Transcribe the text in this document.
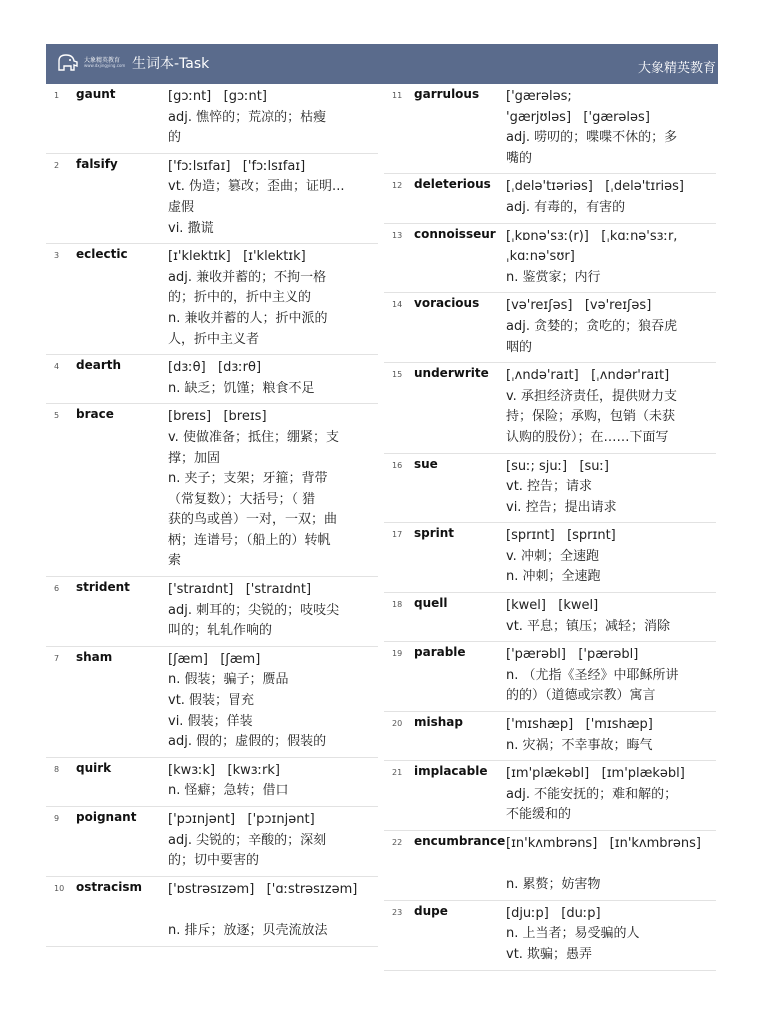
大象精英教育
www.dxjingying.com 生词本-Task	大象精英教育
1 gaunt	[gɔːnt]   [gɔːnt]
adj. 憔悴的；荒凉的；枯瘦
的
2 falsify	['fɔːlsɪfaɪ]   ['fɔːlsɪfaɪ]
vt. 伪造；篡改；歪曲；证明...
虚假
vi. 撒谎
3 eclectic	[ɪ'klektɪk]   [ɪ'klektɪk]
adj. 兼收并蓄的；不拘一格
的；折中的，折中主义的
n. 兼收并蓄的人；折中派的
人，折中主义者
4 dearth	[dɜːθ]   [dɜːrθ]
n. 缺乏；饥馑；粮食不足
5 brace	[breɪs]   [breɪs]
v. 使做准备；抵住；绷紧；支
撑；加固
n. 夹子；支架；牙箍；背带
（常复数）；大括号；（ 猎
获的鸟或兽）一对，一双；曲
柄；连谱号；（船上的）转帆
索
6 strident	['straɪdnt]   ['straɪdnt]
adj. 刺耳的；尖锐的；吱吱尖
叫的；轧轧作响的
7 sham	[ʃæm]   [ʃæm]
n. 假装；骗子；赝品
vt. 假装；冒充
vi. 假装；佯装
adj. 假的；虚假的；假装的
8 quirk	[kwɜːk]   [kwɜːrk]
n. 怪癖；急转；借口
9 poignant ['pɔɪnjənt]   ['pɔɪnjənt]
adj. 尖锐的；辛酸的；深刻
的；切中要害的
10 ostracism ['ɒstrəsɪzəm]   ['ɑːstrəsɪzəm]
n. 排斥；放逐；贝壳流放法
11 garrulous ['gærələs;
'gærjʊləs]   ['gærələs]
adj. 唠叨的；喋喋不休的；多
嘴的
12 deleterious [ˌdelə'tɪəriəs]   [ˌdelə'tɪriəs]
adj. 有毒的，有害的
13 connoisseur [ˌkɒnə'sɜː(r)]   [ˌkɑːnə'sɜːr,
ˌkɑːnə'sʊr]
n. 鉴赏家；内行
14 voracious [və'reɪʃəs]   [və'reɪʃəs]
adj. 贪婪的；贪吃的；狼吞虎
咽的
15 underwrite [ˌʌndə'raɪt]   [ˌʌndər'raɪt]
v. 承担经济责任，提供财力支
持；保险；承购，包销（未获
认购的股份）；在……下面写
16 sue	[suː; sjuː]   [suː]
vt. 控告；请求
vi. 控告；提出请求
17 sprint	[sprɪnt]   [sprɪnt]
v. 冲刺；全速跑
n. 冲刺；全速跑
18 quell	[kwel]   [kwel]
vt. 平息；镇压；减轻；消除
19 parable	['pærəbl]   ['pærəbl]
n. （尤指《圣经》中耶稣所讲
的的）（道德或宗教）寓言
20 mishap	['mɪshæp]   ['mɪshæp]
n. 灾祸；不幸事故；晦气
21 implacable [ɪm'plækəbl]   [ɪm'plækəbl]
adj. 不能安抚的；难和解的；
不能缓和的
22 encumbrance [ɪn'kʌmbrəns]   [ɪn'kʌmbrəns]
n. 累赘；妨害物
23 dupe	[djuːp]   [duːp]
n. 上当者；易受骗的人
vt. 欺骗；愚弄
